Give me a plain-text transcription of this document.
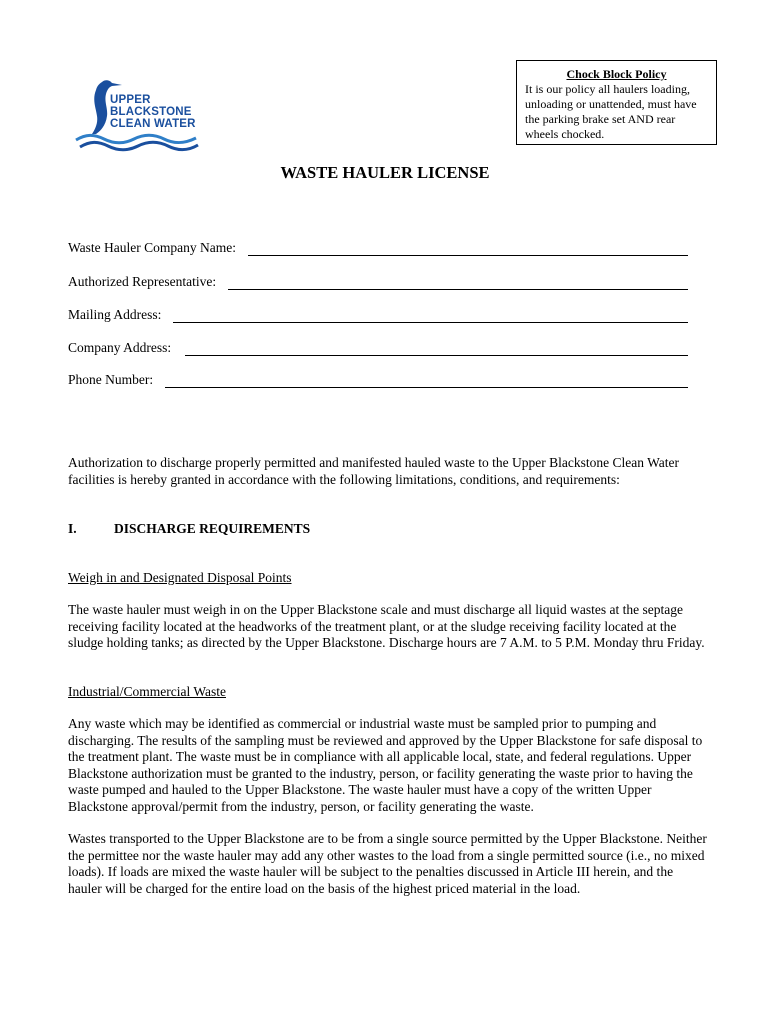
UPPER
BLACKSTONE
CLEAN WATER
Chock Block Policy
It is our policy all haulers loading,
unloading or unattended, must have
the parking brake set AND rear
wheels chocked.
WASTE HAULER LICENSE
Waste Hauler Company Name:
Authorized Representative:
Mailing Address:
Company Address:
Phone Number:

Authorization to discharge properly permitted and manifested hauled waste to the Upper Blackstone Clean Water facilities is hereby granted in accordance with the following limitations, conditions, and requirements:

I.	DISCHARGE REQUIREMENTS
Weigh in and Designated Disposal Points

The waste hauler must weigh in on the Upper Blackstone scale and must discharge all liquid wastes at the septage receiving facility located at the headworks of the treatment plant, or at the sludge receiving facility located at the sludge holding tanks; as directed by the Upper Blackstone. Discharge hours are 7 A.M. to 5 P.M. Monday thru Friday.

Industrial/Commercial Waste

Any waste which may be identified as commercial or industrial waste must be sampled prior to pumping and discharging. The results of the sampling must be reviewed and approved by the Upper Blackstone for safe disposal to the treatment plant. The waste must be in compliance with all applicable local, state, and federal regulations. Upper Blackstone authorization must be granted to the industry, person, or facility generating the waste prior to having the waste pumped and hauled to the Upper Blackstone. The waste hauler must have a copy of the written Upper Blackstone approval/permit from the industry, person, or facility generating the waste.

Wastes transported to the Upper Blackstone are to be from a single source permitted by the Upper Blackstone. Neither the permittee nor the waste hauler may add any other wastes to the load from a single permitted source (i.e., no mixed loads). If loads are mixed the waste hauler will be subject to the penalties discussed in Article III herein, and the hauler will be charged for the entire load on the basis of the highest priced material in the load.
